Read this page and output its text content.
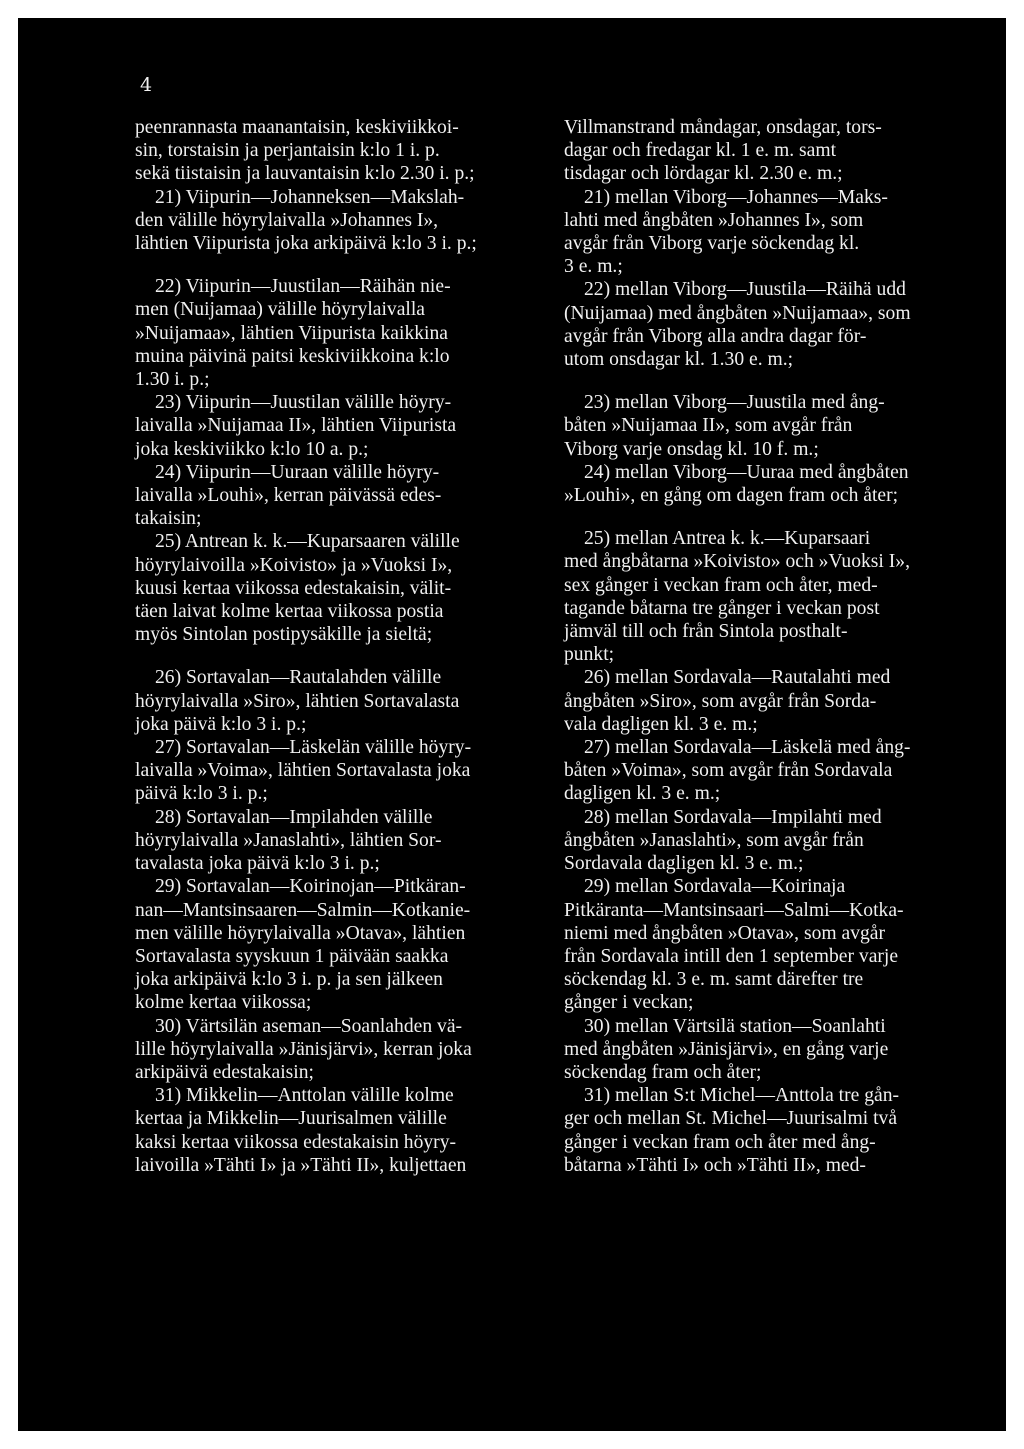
4

peenrannasta maanantaisin, keskiviikkoi-

sin, torstaisin ja perjantaisin k:lo 1 i. p.

sekä tiistaisin ja lauvantaisin k:lo 2.30 i. p.;

21) Viipurin—Johanneksen—Makslah-

den välille höyrylaivalla »Johannes I»,

lähtien Viipurista joka arkipäivä k:lo 3 i. p.;

22) Viipurin—Juustilan—Räihän nie-

men (Nuijamaa) välille höyrylaivalla

»Nuijamaa», lähtien Viipurista kaikkina

muina päivinä paitsi keskiviikkoina k:lo

1.30 i. p.;

23) Viipurin—Juustilan välille höyry-

laivalla »Nuijamaa II», lähtien Viipurista

joka keskiviikko k:lo 10 a. p.;

24) Viipurin—Uuraan välille höyry-

laivalla »Louhi», kerran päivässä edes-

takaisin;

25) Antrean k. k.—Kuparsaaren välille

höyrylaivoilla »Koivisto» ja »Vuoksi I»,

kuusi kertaa viikossa edestakaisin, välit-

täen laivat kolme kertaa viikossa postia

myös Sintolan postipysäkille ja sieltä;

26) Sortavalan—Rautalahden välille

höyrylaivalla »Siro», lähtien Sortavalasta

joka päivä k:lo 3 i. p.;

27) Sortavalan—Läskelän välille höyry-

laivalla »Voima», lähtien Sortavalasta joka

päivä k:lo 3 i. p.;

28) Sortavalan—Impilahden välille

höyrylaivalla »Janaslahti», lähtien Sor-

tavalasta joka päivä k:lo 3 i. p.;

29) Sortavalan—Koirinojan—Pitkäran-

nan—Mantsinsaaren—Salmin—Kotkanie-

men välille höyrylaivalla »Otava», lähtien

Sortavalasta syyskuun 1 päivään saakka

joka arkipäivä k:lo 3 i. p. ja sen jälkeen

kolme kertaa viikossa;

30) Värtsilän aseman—Soanlahden vä-

lille höyrylaivalla »Jänisjärvi», kerran joka

arkipäivä edestakaisin;

31) Mikkelin—Anttolan välille kolme

kertaa ja Mikkelin—Juurisalmen välille

kaksi kertaa viikossa edestakaisin höyry-

laivoilla »Tähti I» ja »Tähti II», kuljettaen

Villmanstrand måndagar, onsdagar, tors-

dagar och fredagar kl. 1 e. m. samt

tisdagar och lördagar kl. 2.30 e. m.;

21) mellan Viborg—Johannes—Maks-

lahti med ångbåten »Johannes I», som

avgår från Viborg varje söckendag kl.

3 e. m.;

22) mellan Viborg—Juustila—Räihä udd

(Nuijamaa) med ångbåten »Nuijamaa», som

avgår från Viborg alla andra dagar för-

utom onsdagar kl. 1.30 e. m.;

23) mellan Viborg—Juustila med ång-

båten »Nuijamaa II», som avgår från

Viborg varje onsdag kl. 10 f. m.;

24) mellan Viborg—Uuraa med ångbåten

»Louhi», en gång om dagen fram och åter;

25) mellan Antrea k. k.—Kuparsaari

med ångbåtarna »Koivisto» och »Vuoksi I»,

sex gånger i veckan fram och åter, med-

tagande båtarna tre gånger i veckan post

jämväl till och från Sintola posthalt-

punkt;

26) mellan Sordavala—Rautalahti med

ångbåten »Siro», som avgår från Sorda-

vala dagligen kl. 3 e. m.;

27) mellan Sordavala—Läskelä med ång-

båten »Voima», som avgår från Sordavala

dagligen kl. 3 e. m.;

28) mellan Sordavala—Impilahti med

ångbåten »Janaslahti», som avgår från

Sordavala dagligen kl. 3 e. m.;

29) mellan Sordavala—Koirinaja

Pitkäranta—Mantsinsaari—Salmi—Kotka-

niemi med ångbåten »Otava», som avgår

från Sordavala intill den 1 september varje

söckendag kl. 3 e. m. samt därefter tre

gånger i veckan;

30) mellan Värtsilä station—Soanlahti

med ångbåten »Jänisjärvi», en gång varje

söckendag fram och åter;

31) mellan S:t Michel—Anttola tre gån-

ger och mellan St. Michel—Juurisalmi två

gånger i veckan fram och åter med ång-

båtarna »Tähti I» och »Tähti II», med-
